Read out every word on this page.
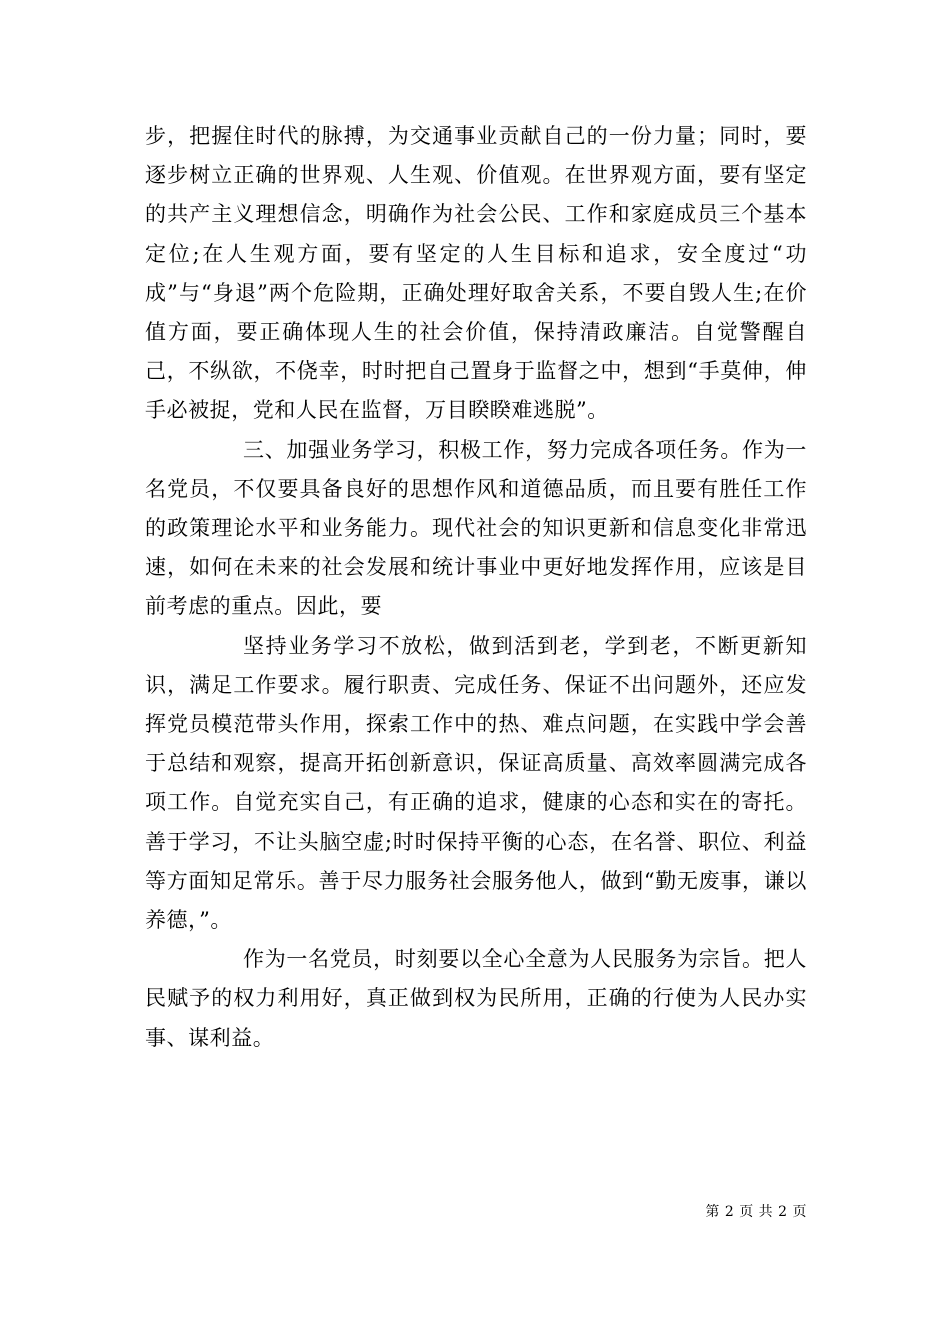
步，把握住时代的脉搏，为交通事业贡献自己的一份力量；同时，要逐步树立正确的世界观、人生观、价值观。在世界观方面，要有坚定的共产主义理想信念，明确作为社会公民、工作和家庭成员三个基本定位;在人生观方面，要有坚定的人生目标和追求，安全度过“功成”与“身退”两个危险期，正确处理好取舍关系，不要自毁人生;在价值方面，要正确体现人生的社会价值，保持清政廉洁。自觉警醒自己，不纵欲，不侥幸，时时把自己置身于监督之中，想到“手莫伸，伸手必被捉，党和人民在监督，万目睽睽难逃脱”。

三、加强业务学习，积极工作，努力完成各项任务。作为一名党员，不仅要具备良好的思想作风和道德品质，而且要有胜任工作的政策理论水平和业务能力。现代社会的知识更新和信息变化非常迅速，如何在未来的社会发展和统计事业中更好地发挥作用，应该是目前考虑的重点。因此，要

坚持业务学习不放松，做到活到老，学到老，不断更新知识，满足工作要求。履行职责、完成任务、保证不出问题外，还应发挥党员模范带头作用，探索工作中的热、难点问题，在实践中学会善于总结和观察，提高开拓创新意识，保证高质量、高效率圆满完成各项工作。自觉充实自己，有正确的追求，健康的心态和实在的寄托。善于学习，不让头脑空虚;时时保持平衡的心态，在名誉、职位、利益等方面知足常乐。善于尽力服务社会服务他人，做到“勤无废事，谦以养德，”。

作为一名党员，时刻要以全心全意为人民服务为宗旨。把人民赋予的权力利用好，真正做到权为民所用，正确的行使为人民办实事、谋利益。

第 2 页 共 2 页
